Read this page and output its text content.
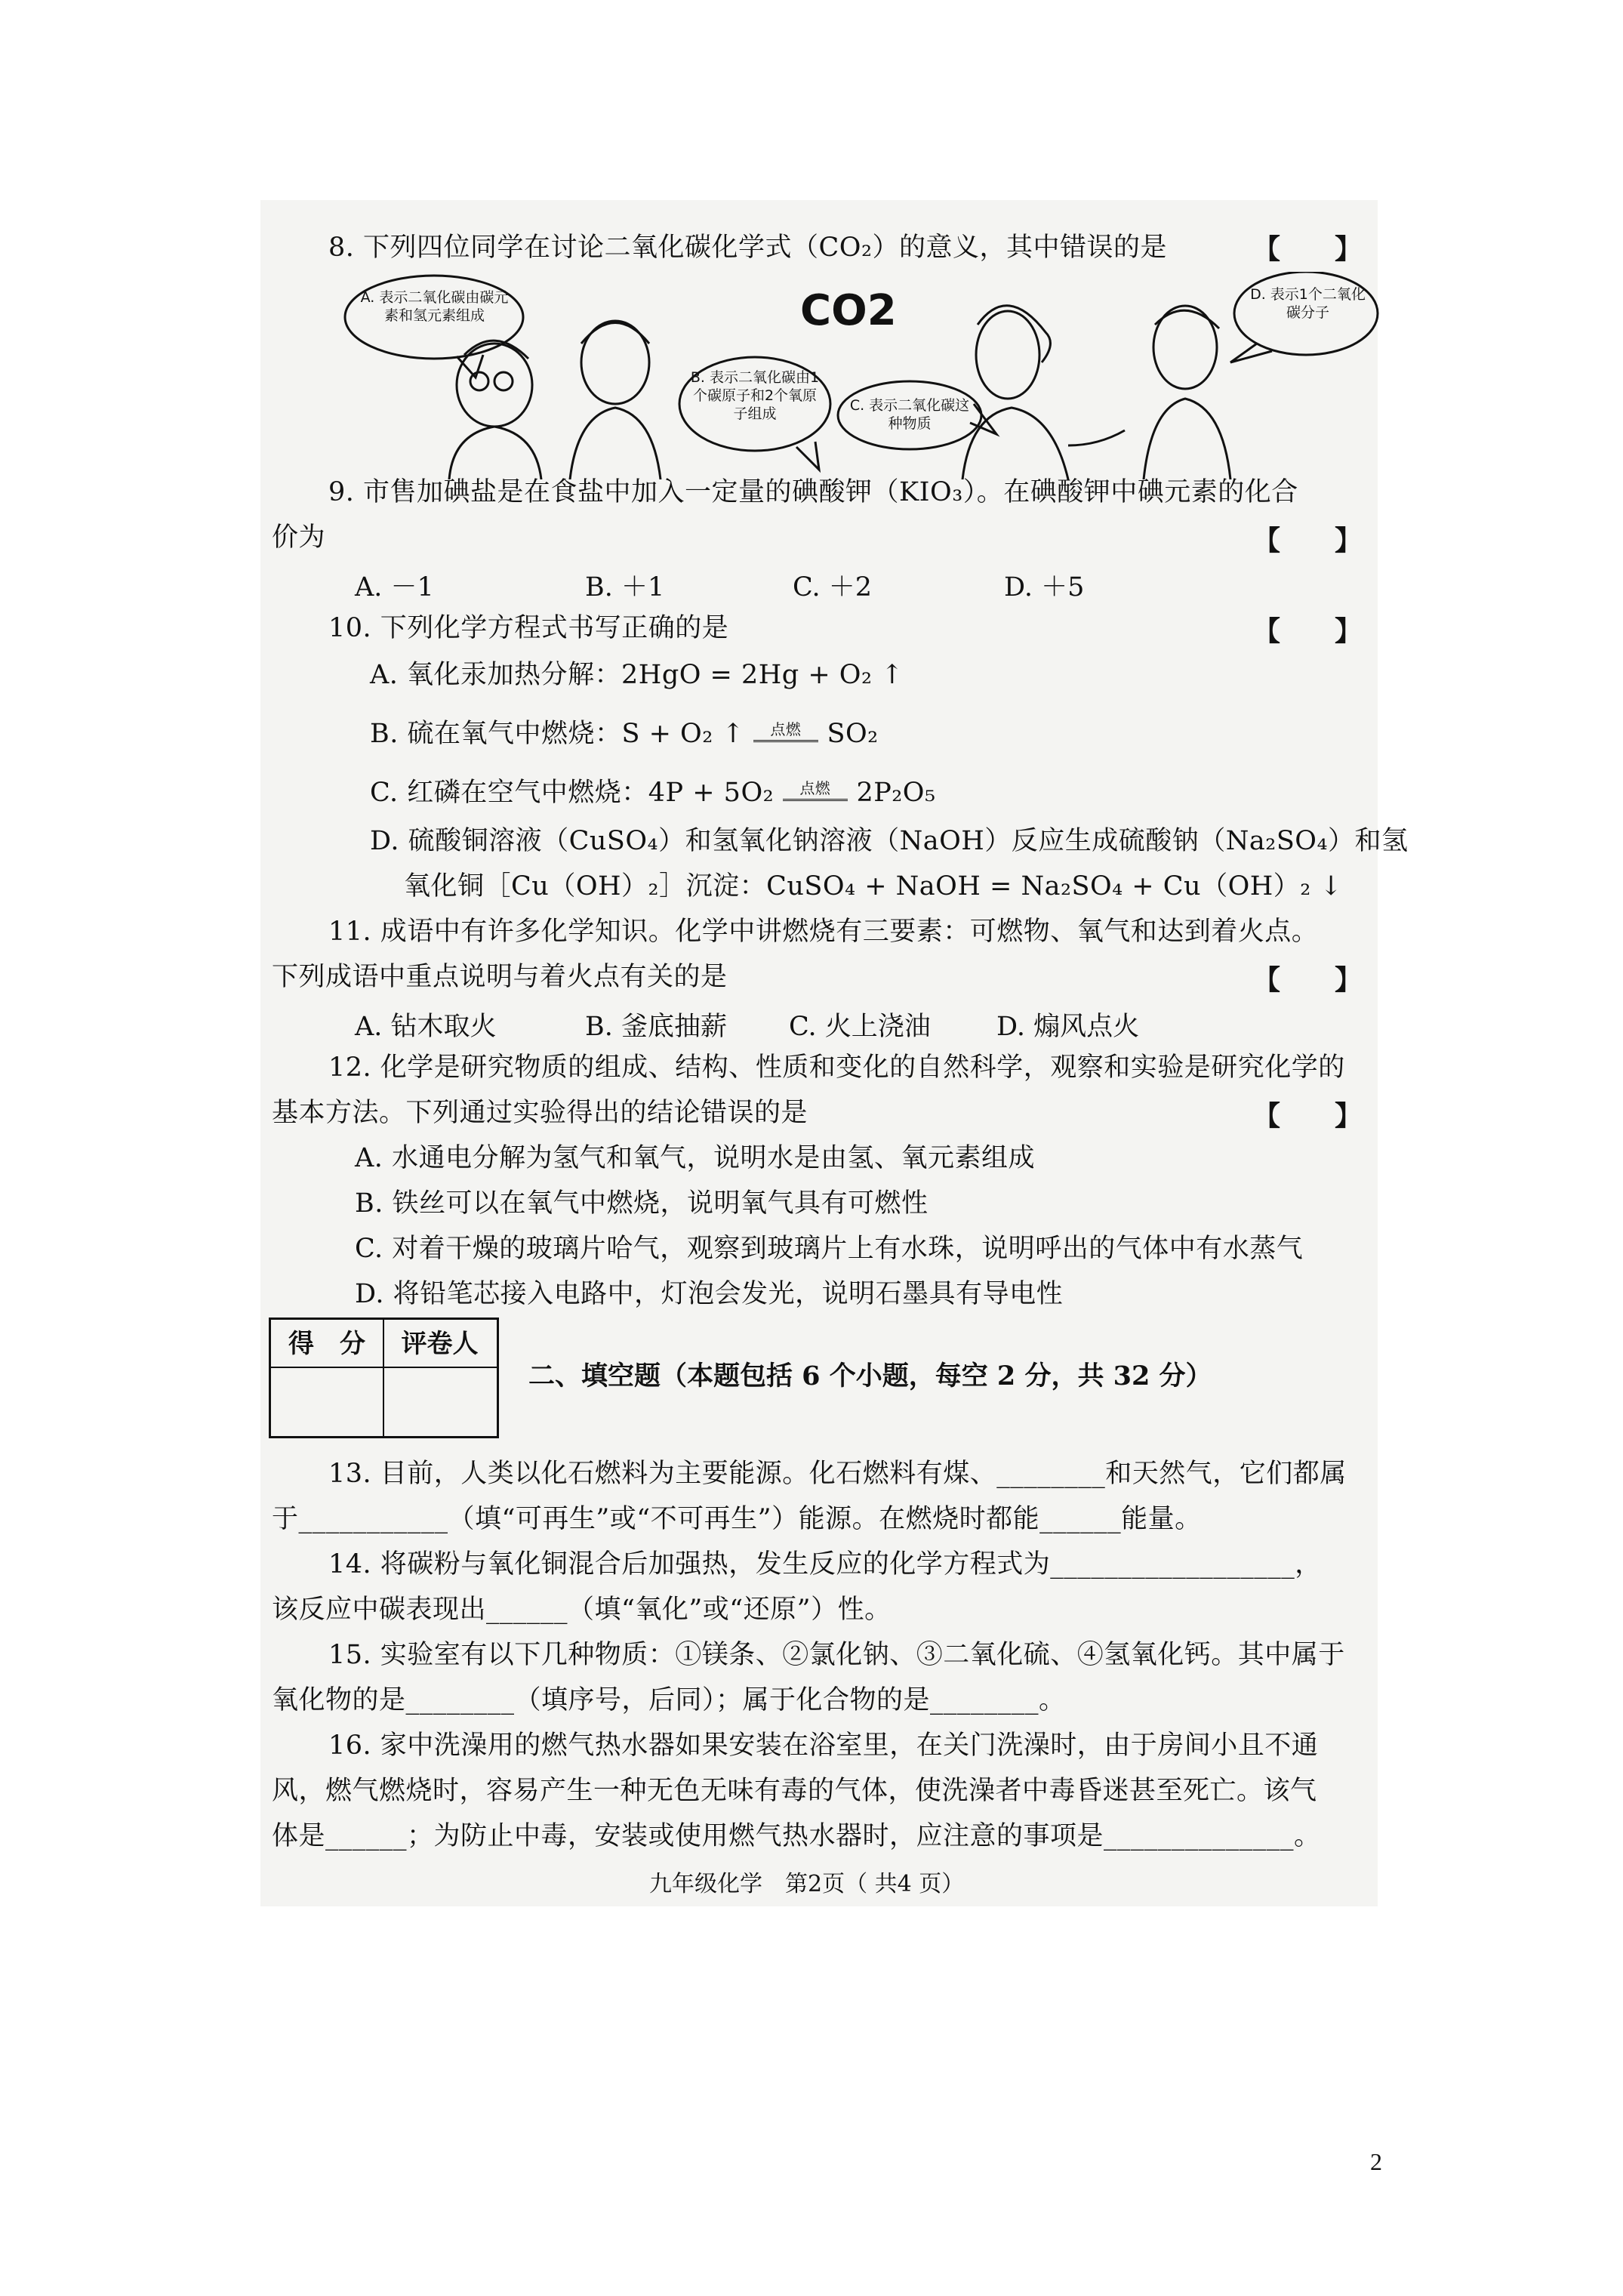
8. 下列四位同学在讨论二氧化碳化学式（CO₂）的意义，其中错误的是	【　　】
CO2
A. 表示二氧化碳由碳元素和氢元素组成
B. 表示二氧化碳由1个碳原子和2个氧原子组成	C. 表示二氧化碳这种物质
D. 表示1个二氧化碳分子
9. 市售加碘盐是在食盐中加入一定量的碘酸钾（KIO₃）。在碘酸钾中碘元素的化合
价为	【　　】
A. －1	B. ＋1	C. ＋2	D. ＋5
10. 下列化学方程式书写正确的是	【　　】
A. 氧化汞加热分解：2HgO = 2Hg + O₂ ↑
B. 硫在氧气中燃烧：S + O₂ ↑	点燃 SO₂
C. 红磷在空气中燃烧：4P + 5O₂	点燃 2P₂O₅
D. 硫酸铜溶液（CuSO₄）和氢氧化钠溶液（NaOH）反应生成硫酸钠（Na₂SO₄）和氢
氧化铜［Cu（OH）₂］沉淀：CuSO₄ + NaOH = Na₂SO₄ + Cu（OH）₂ ↓
11. 成语中有许多化学知识。化学中讲燃烧有三要素：可燃物、氧气和达到着火点。
下列成语中重点说明与着火点有关的是	【　　】
A. 钻木取火	B. 釜底抽薪 C. 火上浇油 D. 煽风点火
12. 化学是研究物质的组成、结构、性质和变化的自然科学，观察和实验是研究化学的
基本方法。下列通过实验得出的结论错误的是	【　　】
A. 水通电分解为氢气和氧气，说明水是由氢、氧元素组成
B. 铁丝可以在氧气中燃烧，说明氧气具有可燃性
C. 对着干燥的玻璃片哈气，观察到玻璃片上有水珠，说明呼出的气体中有水蒸气
D. 将铅笔芯接入电路中，灯泡会发光，说明石墨具有导电性
得　分	评卷人
二、填空题（本题包括 6 个小题，每空 2 分，共 32 分）
13. 目前，人类以化石燃料为主要能源。化石燃料有煤、________和天然气，它们都属
于___________（填“可再生”或“不可再生”）能源。在燃烧时都能______能量。
14. 将碳粉与氧化铜混合后加强热，发生反应的化学方程式为__________________，
该反应中碳表现出______（填“氧化”或“还原”）性。
15. 实验室有以下几种物质：①镁条、②氯化钠、③二氧化硫、④氢氧化钙。其中属于
氧化物的是________（填序号，后同）；属于化合物的是________。
16. 家中洗澡用的燃气热水器如果安装在浴室里，在关门洗澡时，由于房间小且不通
风，燃气燃烧时，容易产生一种无色无味有毒的气体，使洗澡者中毒昏迷甚至死亡。该气
体是______；为防止中毒，安装或使用燃气热水器时，应注意的事项是______________。
九年级化学　第2页（ 共4 页）
2
